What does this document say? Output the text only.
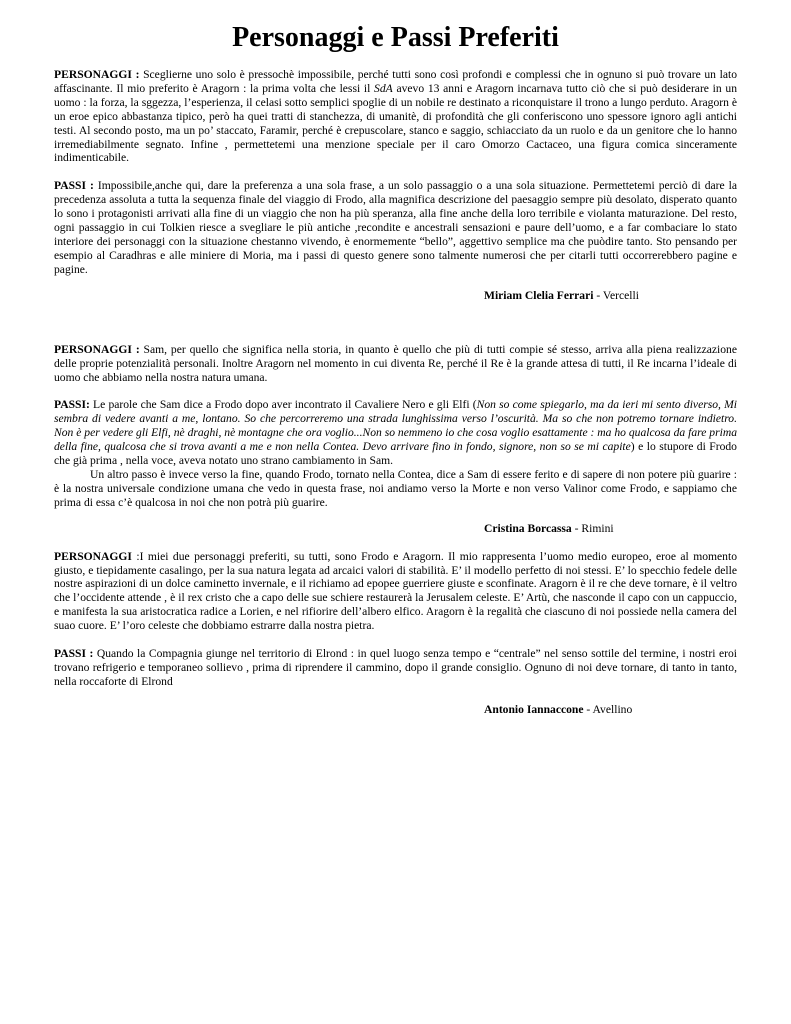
Personaggi e Passi Preferiti

PERSONAGGI : Sceglierne uno solo è pressochè impossibile, perché tutti sono così profondi e complessi che in ognuno si può trovare un lato affascinante. Il mio preferito è Aragorn : la prima volta che lessi il SdA avevo 13 anni e Aragorn incarnava tutto ciò che si può desiderare in un uomo : la forza, la sggezza, l’esperienza, il celasi sotto semplici spoglie di un nobile re destinato a riconquistare il trono a lungo perduto. Aragorn è un eroe epico abbastanza tipico, però ha quei tratti di stanchezza, di umanitè, di profondità che gli conferiscono uno spessore ignoro agli antichi testi. Al secondo posto, ma un po’ staccato, Faramir, perché è crepuscolare, stanco e saggio, schiacciato da un ruolo e da un genitore che lo hanno irremediabilmente segnato. Infine , permettetemi una menzione speciale per il caro Omorzo Cactaceo, una figura comica sinceramente indimenticabile.

PASSI : Impossibile,anche qui, dare la preferenza a una sola frase, a un solo passaggio o a una sola situazione. Permettetemi perciò di dare la precedenza assoluta a tutta la sequenza finale del viaggio di Frodo, alla magnifica descrizione del paesaggio sempre più desolato, disperato quanto lo sono i protagonisti arrivati alla fine di un viaggio che non ha più speranza, alla fine anche della loro terribile e violanta maturazione. Del resto, ogni passaggio in cui Tolkien riesce a svegliare le più antiche ,recondite e ancestrali sensazioni e paure dell’uomo, e a far combaciare lo stato interiore dei personaggi con la situazione chestanno vivendo, è enormemente “bello”, aggettivo semplice ma che puòdire tanto. Sto pensando per esempio al Caradhras e alle miniere di Moria, ma i passi di questo genere sono talmente numerosi che per citarli tutti occorrerebbero pagine e pagine.

Miriam Clelia Ferrari - Vercelli

PERSONAGGI : Sam, per quello che significa nella storia, in quanto è quello che più di tutti compie sé stesso, arriva alla piena realizzazione delle proprie potenzialità personali. Inoltre Aragorn nel momento in cui diventa Re, perché il Re è la grande attesa di tutti, il Re incarna l’ideale di uomo che abbiamo nella nostra natura umana.

PASSI: Le parole che Sam dice a Frodo dopo aver incontrato il Cavaliere Nero e gli Elfi (Non so come spiegarlo, ma da ieri mi sento diverso, Mi sembra di vedere avanti a me, lontano. So che percorreremo una strada lunghissima verso l’oscurità. Ma so che non potremo tornare indietro. Non è per vedere gli Elfi, nè draghi, nè montagne che ora voglio...Non so nemmeno io che cosa voglio esattamente : ma ho qualcosa da fare prima della fine, qualcosa che si trova avanti a me e non nella Contea. Devo arrivare fino in fondo, signore, non so se mi capite) e lo stupore di Frodo che già prima , nella voce, aveva notato uno strano cambiamento in Sam.

Un altro passo è invece verso la fine, quando Frodo, tornato nella Contea, dice a Sam di essere ferito e di sapere di non potere più guarire : è la nostra universale condizione umana che vedo in questa frase, noi andiamo verso la Morte e non verso Valinor come Frodo, e sappiamo che prima di essa c’è qualcosa in noi che non potrà più guarire.

Cristina Borcassa - Rimini

PERSONAGGI :I miei due personaggi preferiti, su tutti, sono Frodo e Aragorn. Il mio rappresenta l’uomo medio europeo, eroe al momento giusto, e tiepidamente casalingo, per la sua natura legata ad arcaici valori di stabilità. E’ il modello perfetto di noi stessi. E’ lo specchio fedele delle nostre aspirazioni di un dolce caminetto invernale, e il richiamo ad epopee guerriere giuste e sconfinate. Aragorn è il re che deve tornare, è il veltro che l’occidente attende , è il rex cristo che a capo delle sue schiere restaurerà la Jerusalem celeste. E’ Artù, che nasconde il capo con un cappuccio, e manifesta la sua aristocratica radice a Lorien, e nel rifiorire dell’albero elfico. Aragorn è la regalità che ciascuno di noi possiede nella camera del suao cuore. E’ l’oro celeste che dobbiamo estrarre dalla nostra pietra.

PASSI : Quando la Compagnia giunge nel territorio di Elrond : in quel luogo senza tempo e “centrale” nel senso sottile del termine, i nostri eroi trovano refrigerio e temporaneo sollievo , prima di riprendere il cammino, dopo il grande consiglio. Ognuno di noi deve tornare, di tanto in tanto, nella roccaforte di Elrond

Antonio Iannaccone - Avellino
